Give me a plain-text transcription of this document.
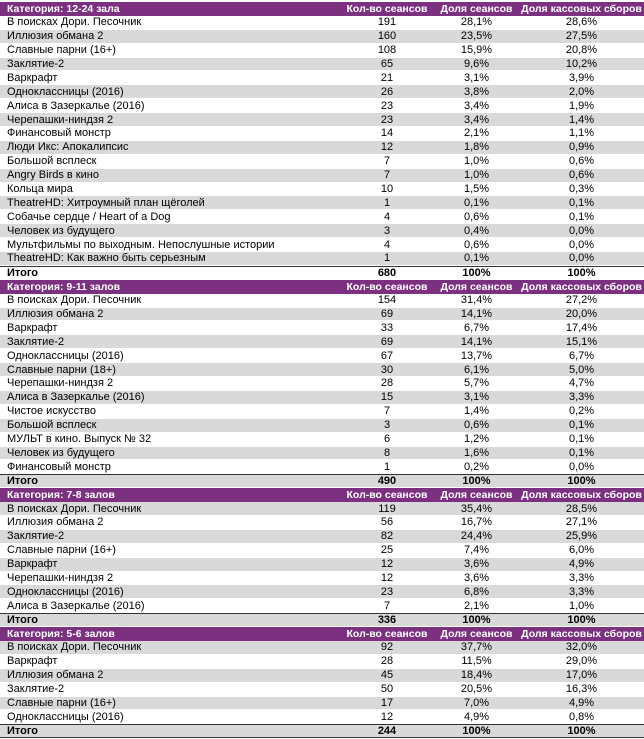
Категория: 12-24 зала	Кол-во сеансов	Доля сеансов Доля кассовых сборов
В поисках Дори. Песочник	191	28,1%	28,6%
Иллюзия обмана 2	160	23,5%	27,5%
Славные парни (16+)	108	15,9%	20,8%
Заклятие-2	65	9,6%	10,2%
Варкрафт	21	3,1%	3,9%
Одноклассницы (2016)	26	3,8%	2,0%
Алиса в Зазеркалье (2016)	23	3,4%	1,9%
Черепашки-ниндзя 2	23	3,4%	1,4%
Финансовый монстр	14	2,1%	1,1%
Люди Икс: Апокалипсис	12	1,8%	0,9%
Большой всплеск	7	1,0%	0,6%
Angry Birds в кино	7	1,0%	0,6%
Кольца мира	10	1,5%	0,3%
TheatreHD: Хитроумный план щёголей	1	0,1%	0,1%
Собачье сердце / Heart of a Dog	4	0,6%	0,1%
Человек из будущего	3	0,4%	0,0%
Мультфильмы по выходным. Непослушные истории	4	0,6%	0,0%
TheatreHD: Как важно быть серьезным	1	0,1%	0,0%
Итого	680	100%	100%
Категория: 9-11 залов	Кол-во сеансов	Доля сеансов Доля кассовых сборов
В поисках Дори. Песочник	154	31,4%	27,2%
Иллюзия обмана 2	69	14,1%	20,0%
Варкрафт	33	6,7%	17,4%
Заклятие-2	69	14,1%	15,1%
Одноклассницы (2016)	67	13,7%	6,7%
Славные парни (18+)	30	6,1%	5,0%
Черепашки-ниндзя 2	28	5,7%	4,7%
Алиса в Зазеркалье (2016)	15	3,1%	3,3%
Чистое искусство	7	1,4%	0,2%
Большой всплеск	3	0,6%	0,1%
МУЛЬТ в кино. Выпуск № 32	6	1,2%	0,1%
Человек из будущего	8	1,6%	0,1%
Финансовый монстр	1	0,2%	0,0%
Итого	490	100%	100%
Категория: 7-8 залов	Кол-во сеансов	Доля сеансов Доля кассовых сборов
В поисках Дори. Песочник	119	35,4%	28,5%
Иллюзия обмана 2	56	16,7%	27,1%
Заклятие-2	82	24,4%	25,9%
Славные парни (16+)	25	7,4%	6,0%
Варкрафт	12	3,6%	4,9%
Черепашки-ниндзя 2	12	3,6%	3,3%
Одноклассницы (2016)	23	6,8%	3,3%
Алиса в Зазеркалье (2016)	7	2,1%	1,0%
Итого	336	100%	100%
Категория: 5-6 залов	Кол-во сеансов	Доля сеансов Доля кассовых сборов
В поисках Дори. Песочник	92	37,7%	32,0%
Варкрафт	28	11,5%	29,0%
Иллюзия обмана 2	45	18,4%	17,0%
Заклятие-2	50	20,5%	16,3%
Славные парни (16+)	17	7,0%	4,9%
Одноклассницы (2016)	12	4,9%	0,8%
Итого	244	100%	100%
